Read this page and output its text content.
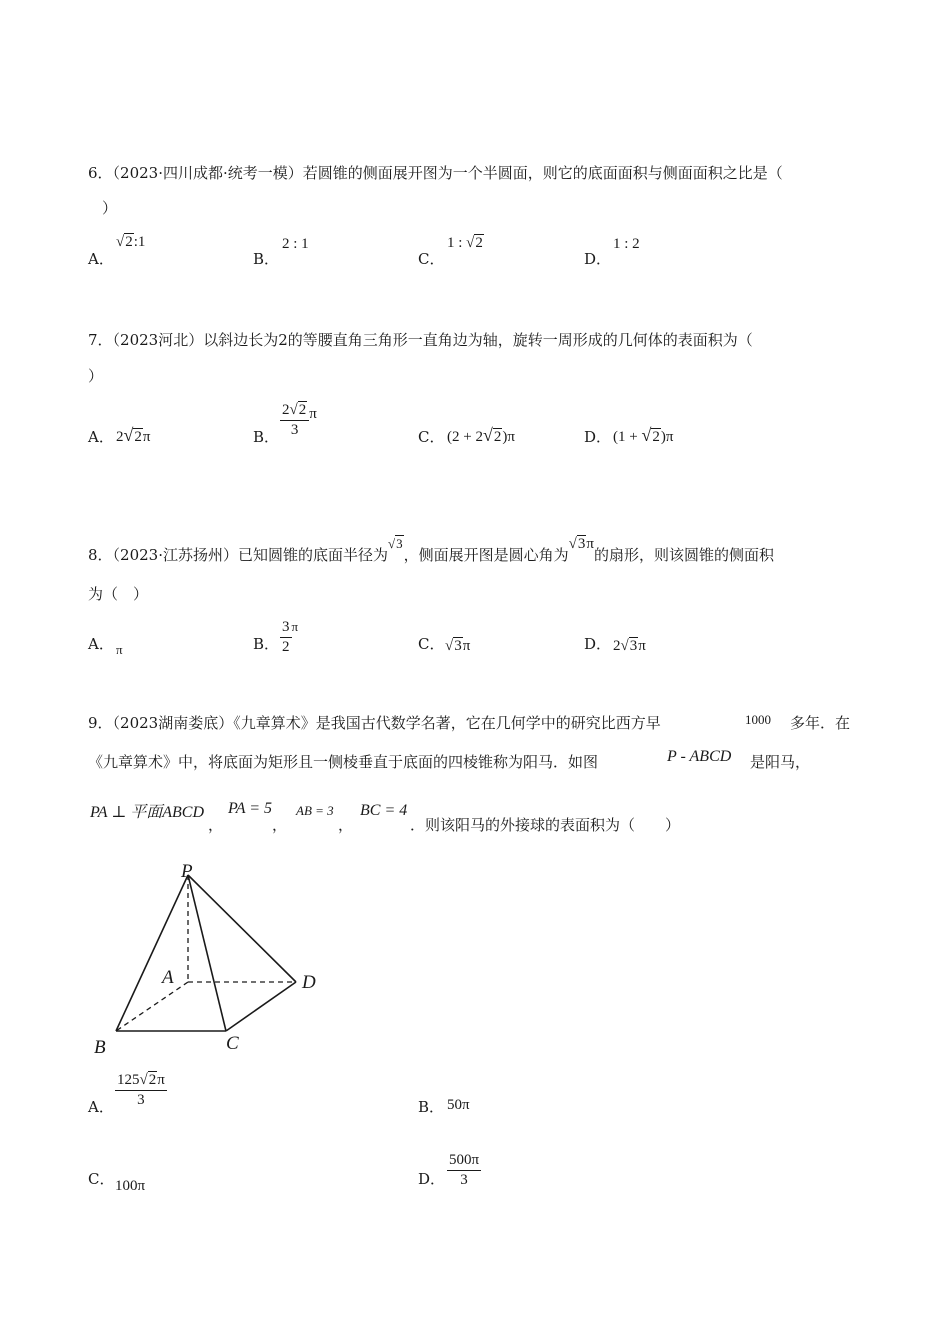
6．（2023·四川成都·统考一模）若圆锥的侧面展开图为一个半圆面，则它的底面面积与侧面面积之比是（
）
A．
√2:1
B．
2 : 1
C．
1 : √2
D．
1 : 2
7．（2023河北）以斜边长为2的等腰直角三角形一直角边为轴，旋转一周形成的几何体的表面积为（
）
A． 2√2π	B． $\frac{2√2}{3}$ π
C． (2 + 2√2)π	D． (1 + √2)π
8．（2023·江苏扬州）已知圆锥的底面半径为√3，侧面展开图是圆心角为√3π的扇形，则该圆锥的侧面积
为（　）
A． π	B． $\frac{3}{2}$ π
C． √3π	D． 2√3π
9．（2023湖南娄底）《九章算术》是我国古代数学名著，它在几何学中的研究比西方早	1000 多年．在
《九章算术》中，将底面为矩形且一侧棱垂直于底面的四棱锥称为阳马．如图	P - ABCD 是阳马，
PA ⊥ 平面ABCD
，
PA = 5
，
AB = 3
，
BC = 4
．则该阳马的外接球的表面积为（　　）
P
A
B	C
D
A． $\frac{125√2\pi}{3}$	B． 50π
C． 100π	D． $\frac{500\pi}{3}$
